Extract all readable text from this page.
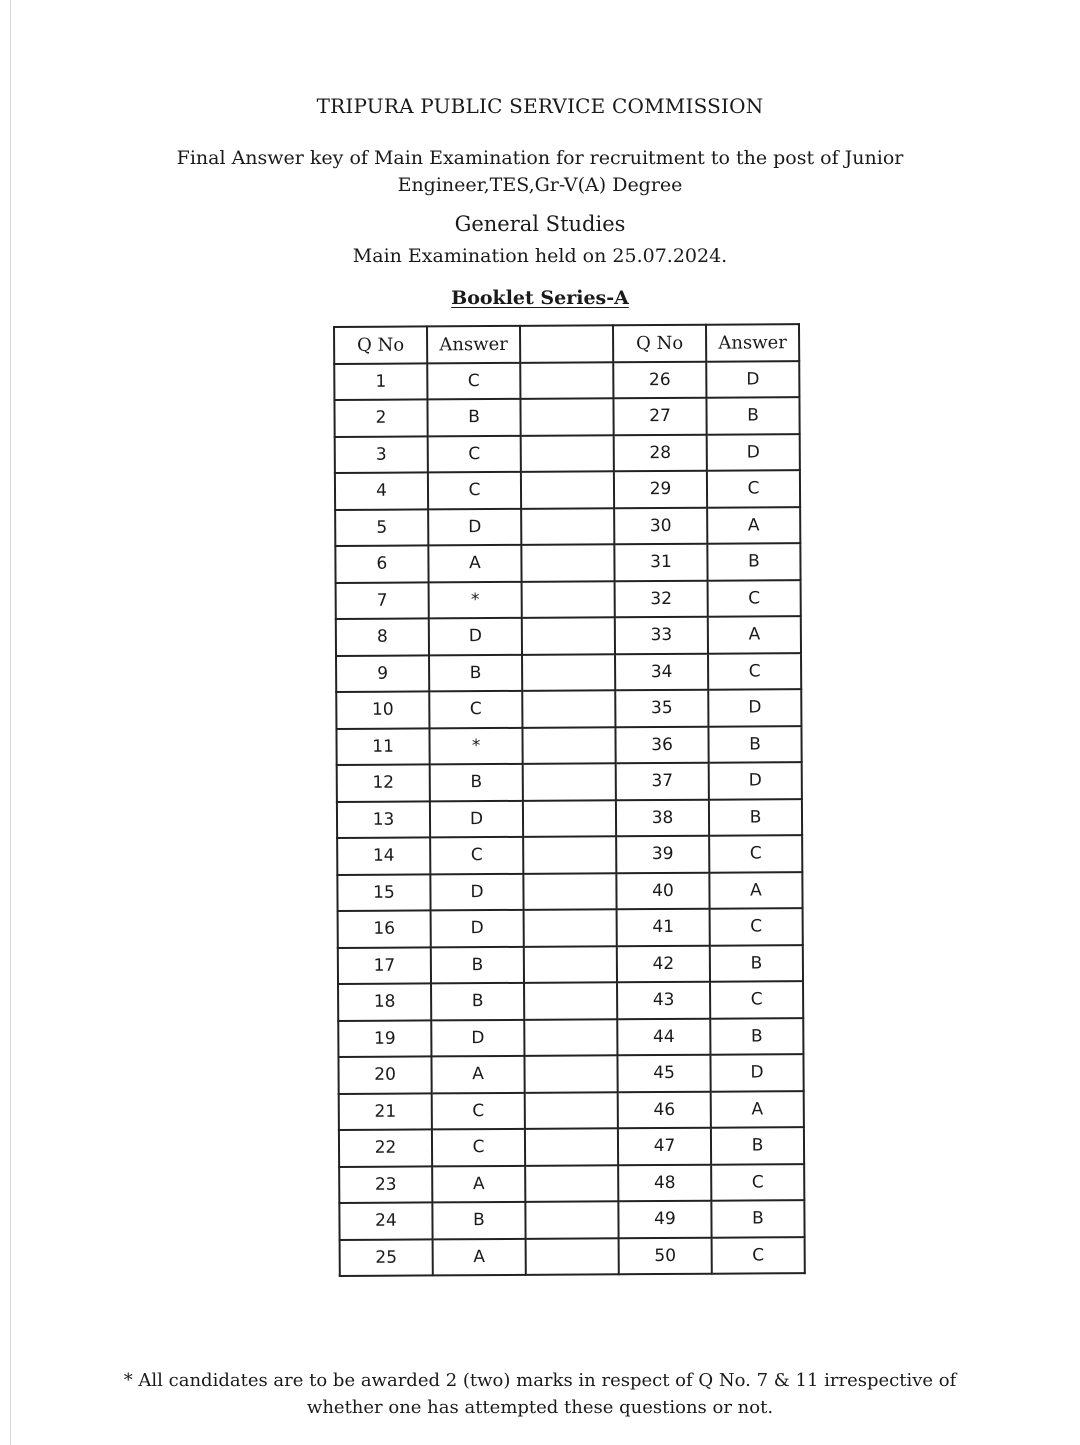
TRIPURA PUBLIC SERVICE COMMISSION
Final Answer key of Main Examination for recruitment to the post of Junior
Engineer,TES,Gr-V(A) Degree
General Studies
Main Examination held on 25.07.2024.
Booklet Series-A
Q No	Answer		Q No	Answer
1	C		26	D
2	B		27	B
3	C		28	D
4	C		29	C
5	D		30	A
6	A		31	B
7	*		32	C
8	D		33	A
9	B		34	C
10	C		35	D
11	*		36	B
12	B		37	D
13	D		38	B
14	C		39	C
15	D		40	A
16	D		41	C
17	B		42	B
18	B		43	C
19	D		44	B
20	A		45	D
21	C		46	A
22	C		47	B
23	A		48	C
24	B		49	B
25	A		50	C
* All candidates are to be awarded 2 (two) marks in respect of Q No. 7 & 11 irrespective of
whether one has attempted these questions or not.
